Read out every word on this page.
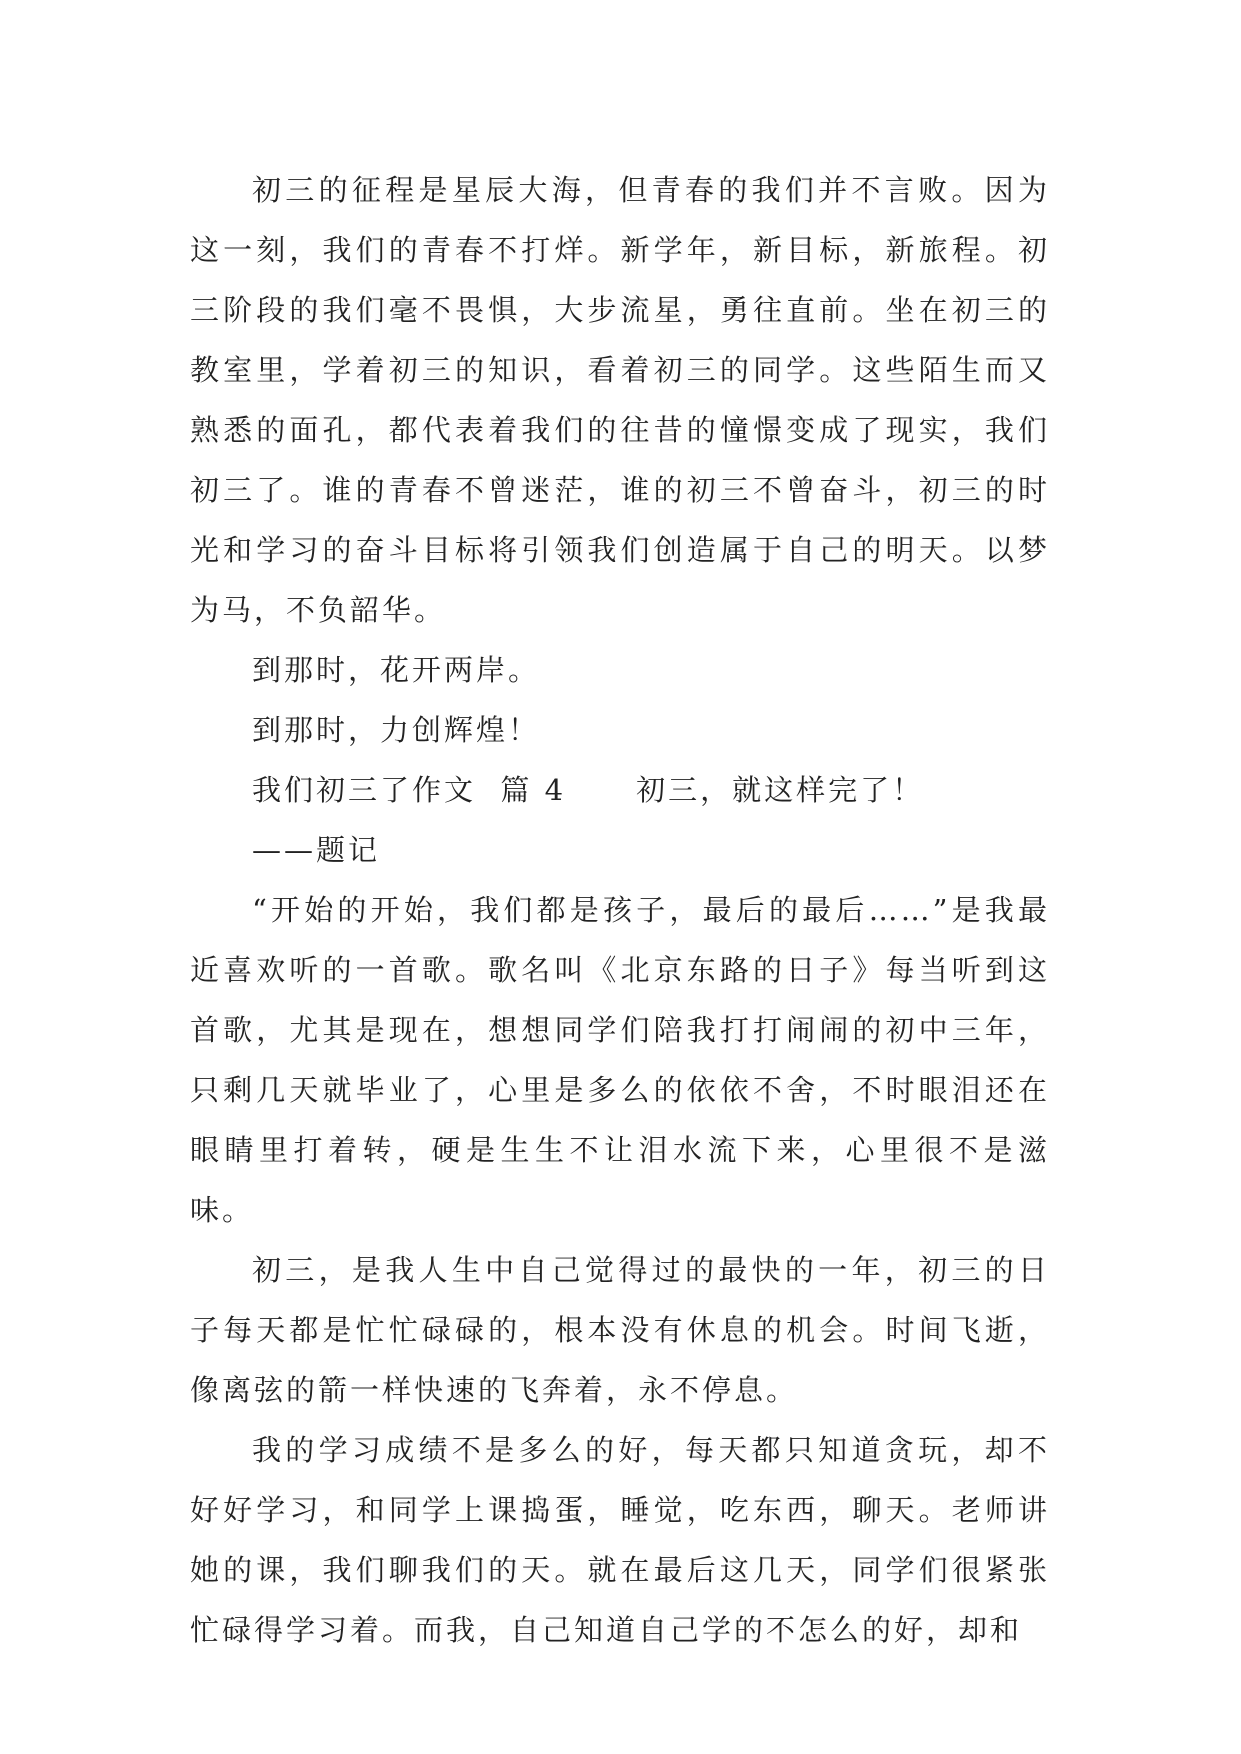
初三的征程是星辰大海，但青春的我们并不言败。因为这一刻，我们的青春不打烊。新学年，新目标，新旅程。初三阶段的我们毫不畏惧，大步流星，勇往直前。坐在初三的教室里，学着初三的知识，看着初三的同学。这些陌生而又熟悉的面孔，都代表着我们的往昔的憧憬变成了现实，我们初三了。谁的青春不曾迷茫，谁的初三不曾奋斗，初三的时光和学习的奋斗目标将引领我们创造属于自己的明天。以梦为马，不负韶华。

到那时，花开两岸。

到那时，力创辉煌！

我们初三了作文  篇 4 初三，就这样完了！

——题记

“开始的开始，我们都是孩子，最后的最后……”是我最近喜欢听的一首歌。歌名叫《北京东路的日子》每当听到这首歌，尤其是现在，想想同学们陪我打打闹闹的初中三年，只剩几天就毕业了，心里是多么的依依不舍，不时眼泪还在眼睛里打着转，硬是生生不让泪水流下来，心里很不是滋味。

初三，是我人生中自己觉得过的最快的一年，初三的日子每天都是忙忙碌碌的，根本没有休息的机会。时间飞逝，像离弦的箭一样快速的飞奔着，永不停息。

我的学习成绩不是多么的好，每天都只知道贪玩，却不好好学习，和同学上课捣蛋，睡觉，吃东西，聊天。老师讲她的课，我们聊我们的天。就在最后这几天，同学们很紧张忙碌得学习着。而我，自己知道自己学的不怎么的好，却和
